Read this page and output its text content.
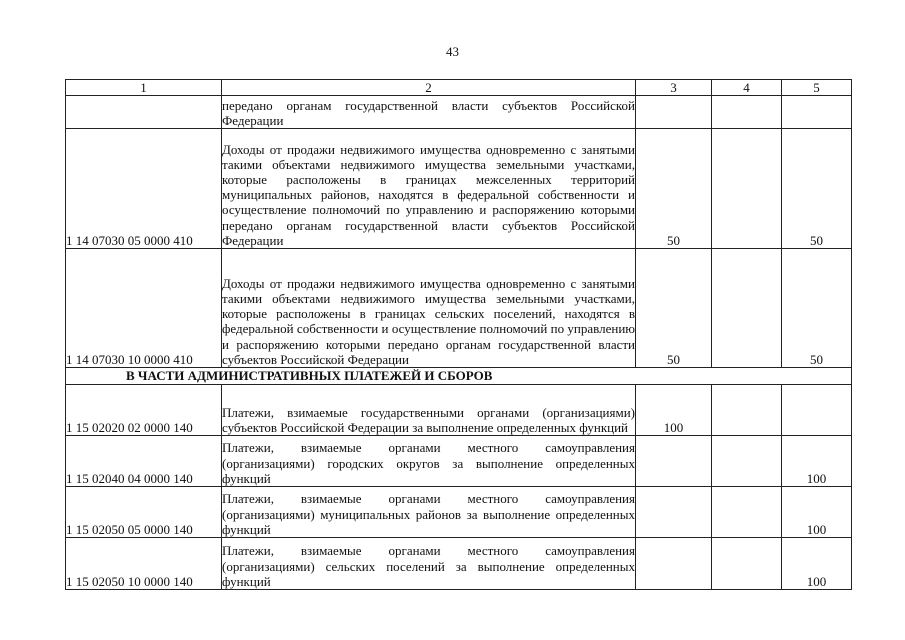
43
1	2	3	4	5
	передано органам государственной власти субъектов Российской Федерации			
1 14 07030 05 0000 410	Доходы от продажи недвижимого имущества одновременно с занятыми такими объектами недвижимого имущества земельными участками, которые расположены в границах межселенных территорий муниципальных районов, находятся в федеральной собственности и осуществление полномочий по управлению и распоряжению которыми передано органам государственной власти субъектов Российской Федерации	50		50
1 14 07030 10 0000 410	Доходы от продажи недвижимого имущества одновременно с занятыми такими объектами недвижимого имущества земельными участками, которые расположены в границах сельских поселений, находятся в федеральной собственности и осуществление полномочий по управлению и распоряжению которыми передано органам государственной власти субъектов Российской Федерации	50		50
В ЧАСТИ АДМИНИСТРАТИВНЫХ ПЛАТЕЖЕЙ И СБОРОВ				
1 15 02020 02 0000 140	Платежи, взимаемые государственными органами (организациями) субъектов Российской Федерации за выполнение определенных функций	100		
1 15 02040 04 0000 140	Платежи, взимаемые органами местного самоуправления (организациями) городских округов за выполнение определенных функций			100
1 15 02050 05 0000 140	Платежи, взимаемые органами местного самоуправления (организациями) муниципальных районов за выполнение определенных функций			100
1 15 02050 10 0000 140	Платежи, взимаемые органами местного самоуправления (организациями) сельских поселений за выполнение определенных функций			100
